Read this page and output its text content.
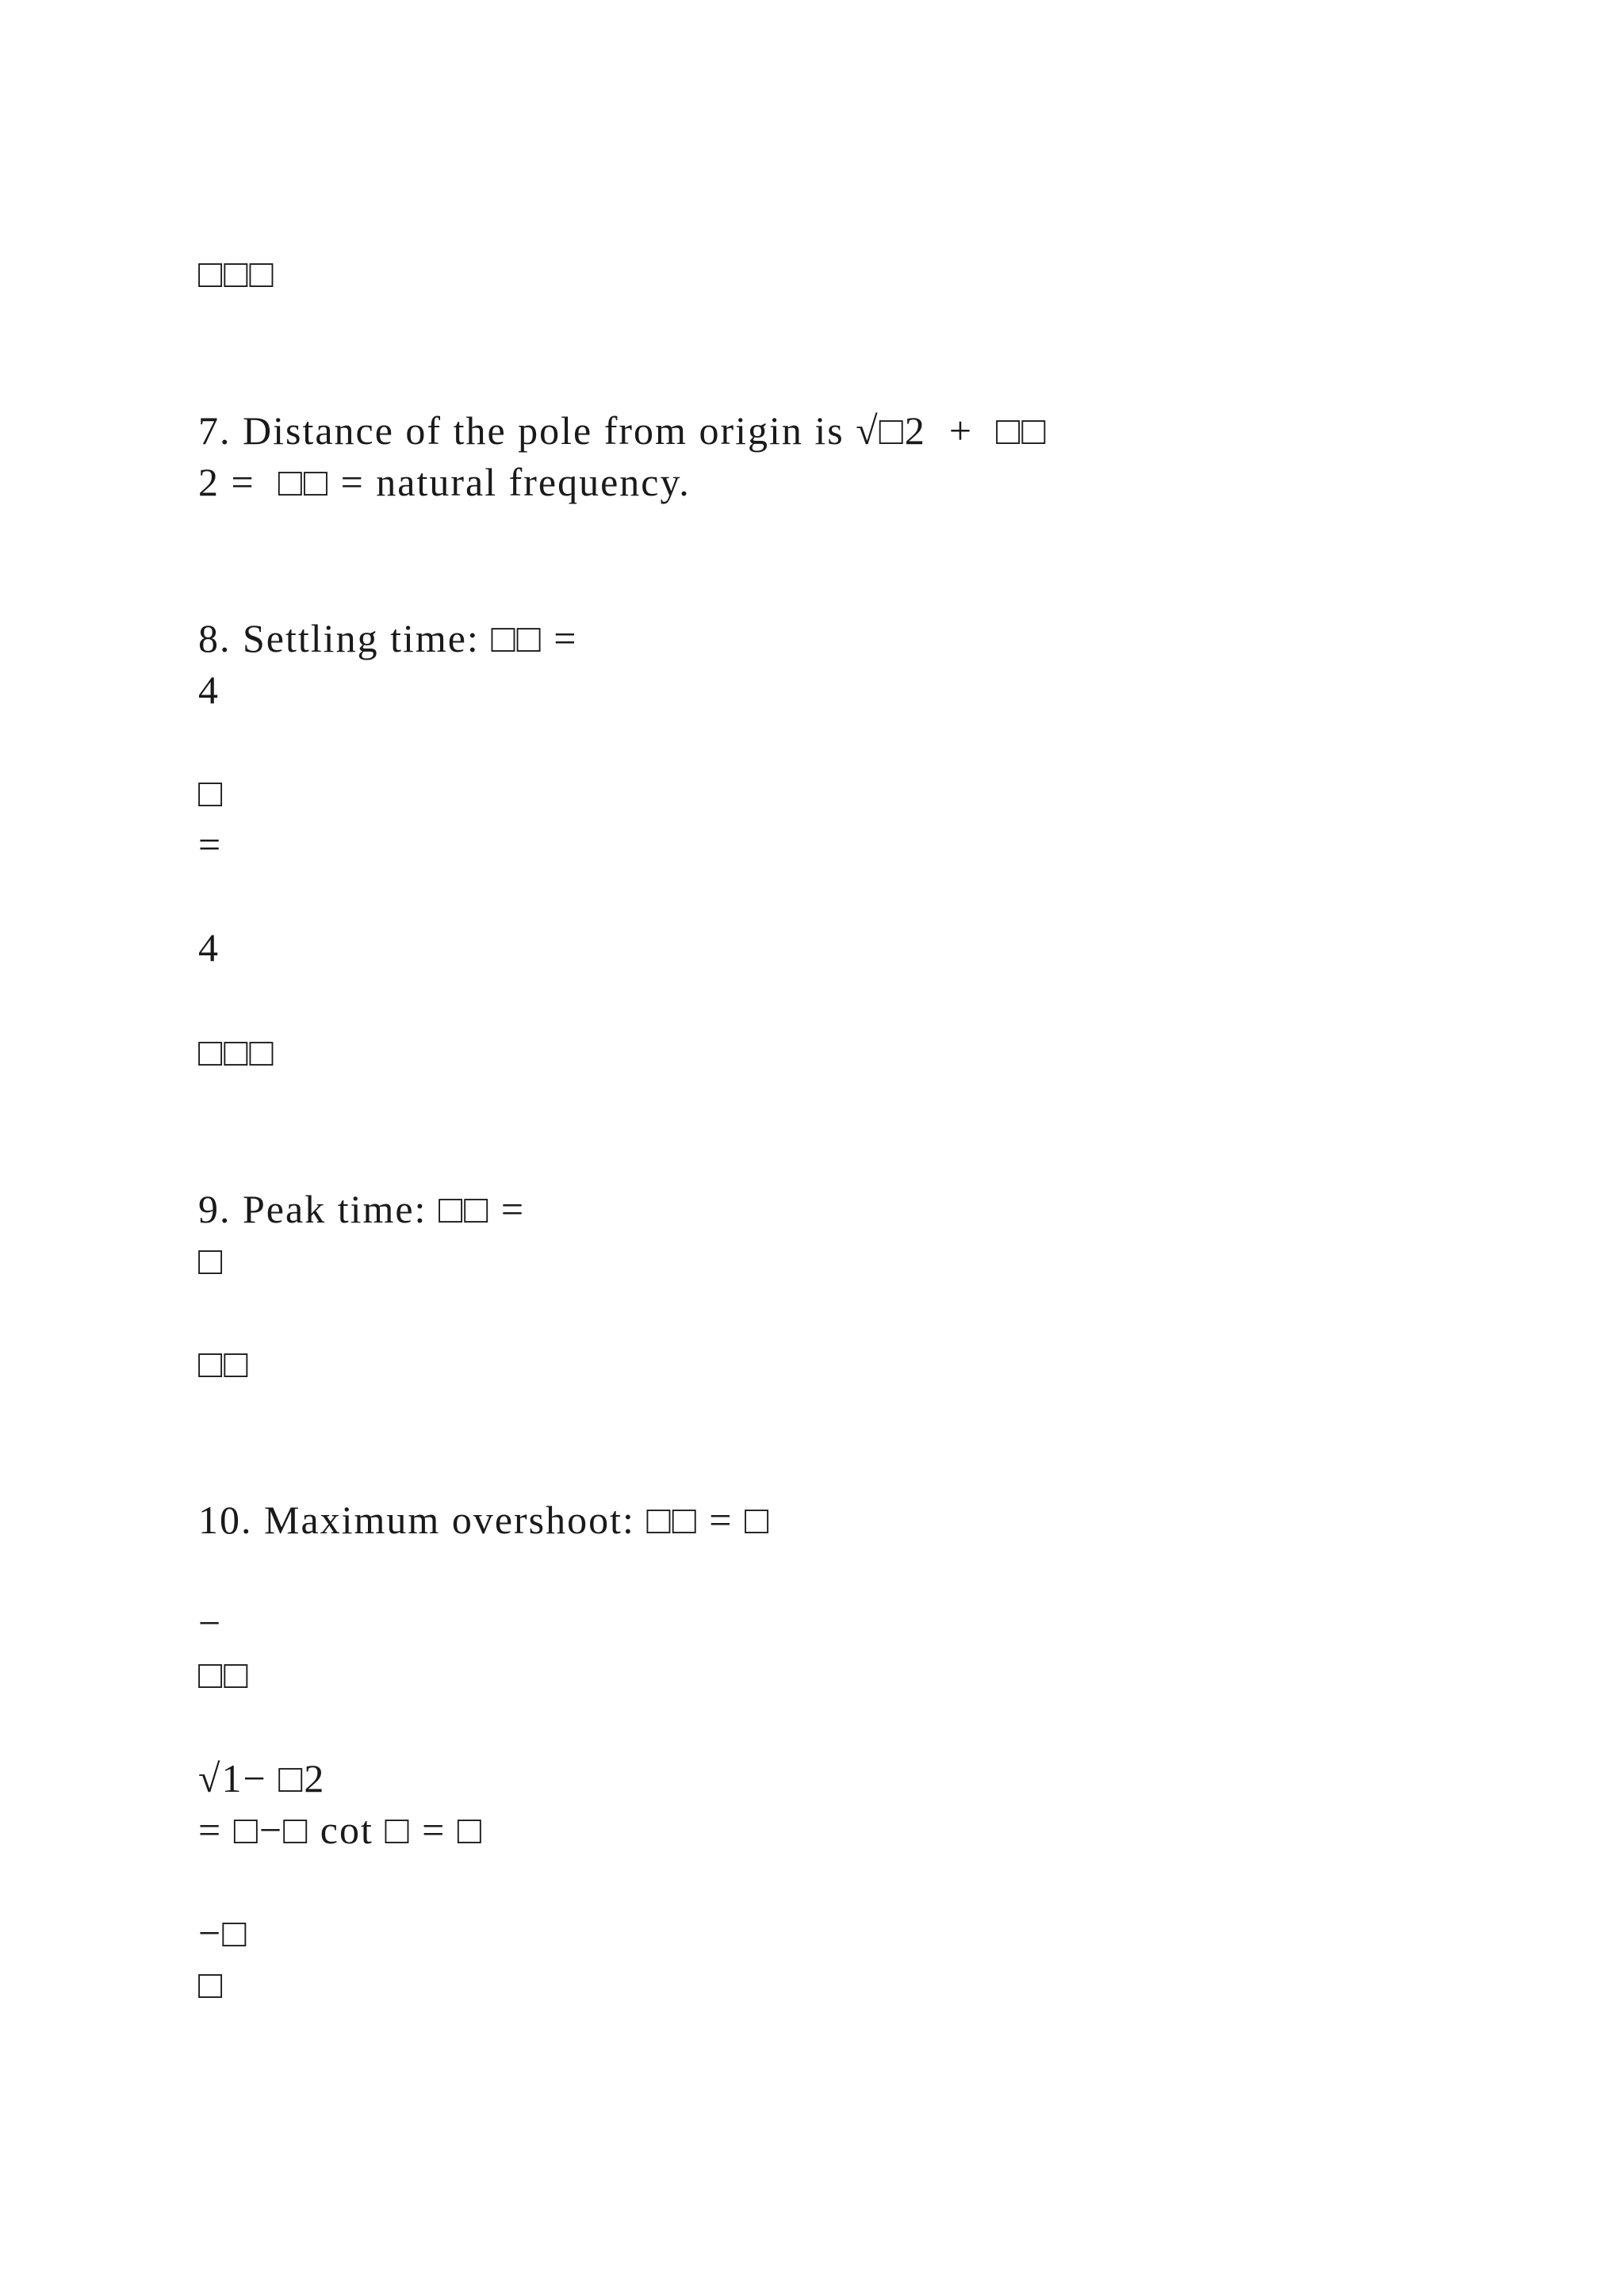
□□□
7. Distance of the pole from origin is √□2  +  □□
2 =  □□ = natural frequency.
8. Settling time: □□ =
4
□
=
4
□□□
9. Peak time: □□ =
□
□□
10. Maximum overshoot: □□ = □
−
□□
√1− □2
= □−□ cot □ = □
−□
□
